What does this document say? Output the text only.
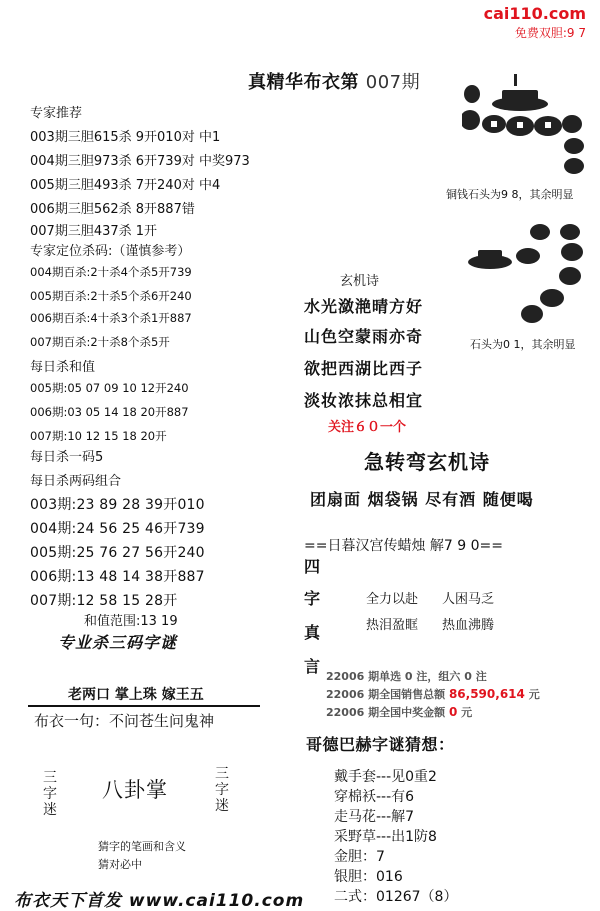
cai110.com
免费双胆:9 7
真精华布衣第 007期
专家推荐
003期三胆615杀 9开010对 中1
004期三胆973杀 6开739对 中奖973
005期三胆493杀 7开240对 中4
006期三胆562杀 8开887错
007期三胆437杀 1开
专家定位杀码:（谨慎参考）
004期百杀:2十杀4个杀5开739
005期百杀:2十杀5个杀6开240
006期百杀:4十杀3个杀1开887
007期百杀:2十杀8个杀5开
每日杀和值
005期:05 07 09 10 12开240
006期:03 05 14 18 20开887
007期:10 12 15 18 20开
每日杀一码5
每日杀两码组合
003期:23 89 28 39开010
004期:24 56 25 46开739
005期:25 76 27 56开240
006期:13 48 14 38开887
007期:12 58 15 28开
和值范围:13 19
专业杀三码字谜
老两口 掌上珠 嫁王五
布衣一句：不问苍生问鬼神
三字迷
八卦掌
三字迷
猜字的笔画和含义
猜对必中
布衣天下首发 www.cai110.com
铜钱石头为9 8，其余明显
石头为0 1，其余明显
玄机诗
水光潋滟晴方好
山色空蒙雨亦奇
欲把西湖比西子
淡妆浓抹总相宜
关注６０一个
急转弯玄机诗
团扇面 烟袋锅 尽有酒 随便喝
==日暮汉宫传蜡烛 解7 9 0==
四
字
真
言
全力以赴 人困马乏
热泪盈眶 热血沸腾
22006 期单选 0 注，组六 0 注
22006 期全国销售总额 86,590,614 元
22006 期全国中奖金额 0 元
哥德巴赫字谜猜想：
戴手套---见0重2
穿棉袄---有6
走马花---解7
采野草---出1防8
金胆：7
银胆：016
二式：01267（8）
